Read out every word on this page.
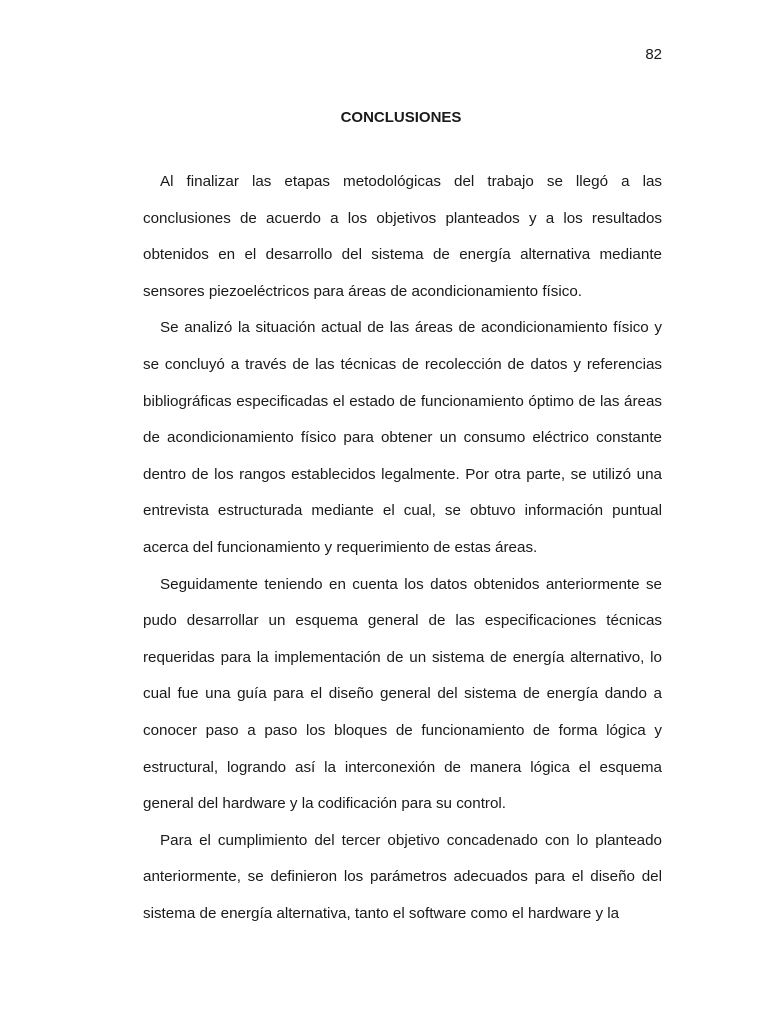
82
CONCLUSIONES

Al finalizar las etapas metodológicas del trabajo se llegó a las conclusiones de acuerdo a los objetivos planteados y a los resultados obtenidos en el desarrollo del sistema de energía alternativa mediante sensores piezoeléctricos para áreas de acondicionamiento físico.

Se analizó la situación actual de las áreas de acondicionamiento físico y se concluyó a través de las técnicas de recolección de datos y referencias bibliográficas especificadas el estado de funcionamiento óptimo de las áreas de acondicionamiento físico para obtener un consumo eléctrico constante dentro de los rangos establecidos legalmente. Por otra parte, se utilizó una entrevista estructurada mediante el cual, se obtuvo información puntual acerca del funcionamiento y requerimiento de estas áreas.

Seguidamente teniendo en cuenta los datos obtenidos anteriormente se pudo desarrollar un esquema general de las especificaciones técnicas requeridas para la implementación de un sistema de energía alternativo, lo cual fue una guía para el diseño general del sistema de energía dando a conocer paso a paso los bloques de funcionamiento de forma lógica y estructural, logrando así la interconexión de manera lógica el esquema general del hardware y la codificación para su control.

Para el cumplimiento del tercer objetivo concadenado con lo planteado anteriormente, se definieron los parámetros adecuados para el diseño del sistema de energía alternativa, tanto el software como el hardware y la
